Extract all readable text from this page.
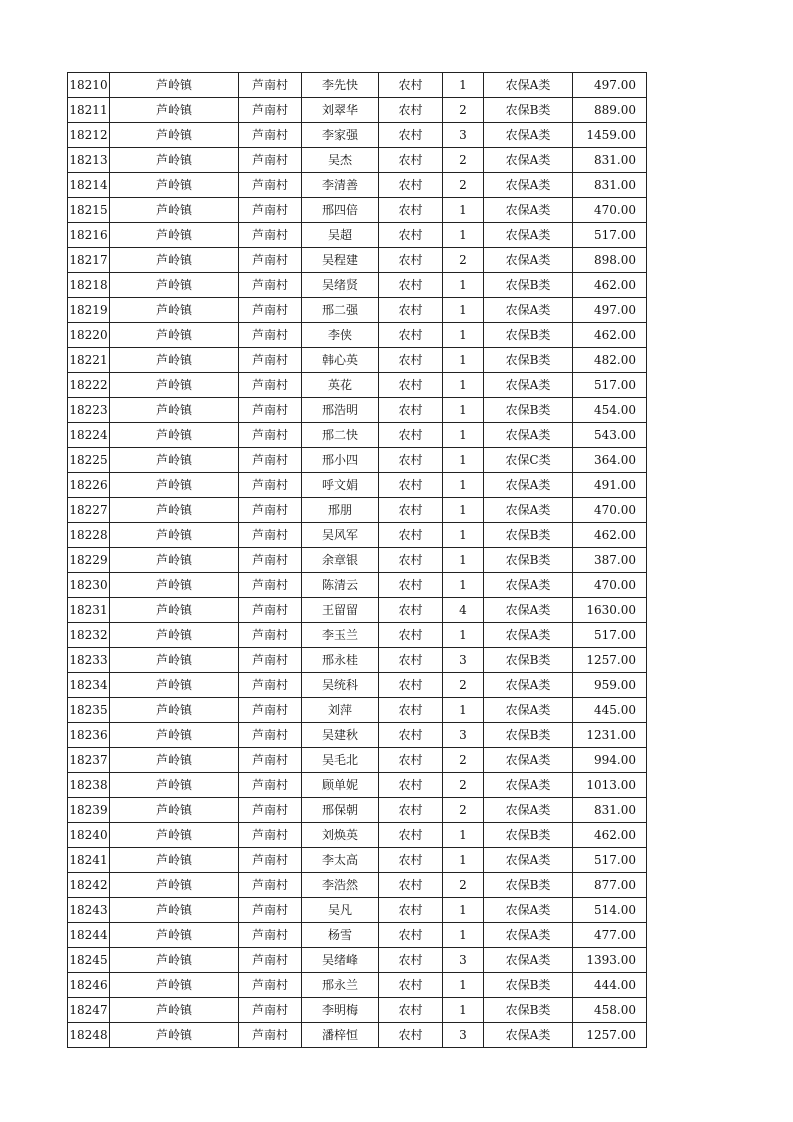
18210	芦岭镇	芦南村	李先快	农村	1	农保A类	497.00
18211	芦岭镇	芦南村	刘翠华	农村	2	农保B类	889.00
18212	芦岭镇	芦南村	李家强	农村	3	农保A类	1459.00
18213	芦岭镇	芦南村	吴杰	农村	2	农保A类	831.00
18214	芦岭镇	芦南村	李清善	农村	2	农保A类	831.00
18215	芦岭镇	芦南村	邢四倍	农村	1	农保A类	470.00
18216	芦岭镇	芦南村	吴超	农村	1	农保A类	517.00
18217	芦岭镇	芦南村	吴程建	农村	2	农保A类	898.00
18218	芦岭镇	芦南村	吴绪贤	农村	1	农保B类	462.00
18219	芦岭镇	芦南村	邢二强	农村	1	农保A类	497.00
18220	芦岭镇	芦南村	李侠	农村	1	农保B类	462.00
18221	芦岭镇	芦南村	韩心英	农村	1	农保B类	482.00
18222	芦岭镇	芦南村	英花	农村	1	农保A类	517.00
18223	芦岭镇	芦南村	邢浩明	农村	1	农保B类	454.00
18224	芦岭镇	芦南村	邢二快	农村	1	农保A类	543.00
18225	芦岭镇	芦南村	邢小四	农村	1	农保C类	364.00
18226	芦岭镇	芦南村	呼文娟	农村	1	农保A类	491.00
18227	芦岭镇	芦南村	邢朋	农村	1	农保A类	470.00
18228	芦岭镇	芦南村	吴风军	农村	1	农保B类	462.00
18229	芦岭镇	芦南村	余章银	农村	1	农保B类	387.00
18230	芦岭镇	芦南村	陈清云	农村	1	农保A类	470.00
18231	芦岭镇	芦南村	王留留	农村	4	农保A类	1630.00
18232	芦岭镇	芦南村	李玉兰	农村	1	农保A类	517.00
18233	芦岭镇	芦南村	邢永桂	农村	3	农保B类	1257.00
18234	芦岭镇	芦南村	吴统科	农村	2	农保A类	959.00
18235	芦岭镇	芦南村	刘萍	农村	1	农保A类	445.00
18236	芦岭镇	芦南村	吴建秋	农村	3	农保B类	1231.00
18237	芦岭镇	芦南村	吴毛北	农村	2	农保A类	994.00
18238	芦岭镇	芦南村	顾单妮	农村	2	农保A类	1013.00
18239	芦岭镇	芦南村	邢保朝	农村	2	农保A类	831.00
18240	芦岭镇	芦南村	刘焕英	农村	1	农保B类	462.00
18241	芦岭镇	芦南村	李太高	农村	1	农保A类	517.00
18242	芦岭镇	芦南村	李浩然	农村	2	农保B类	877.00
18243	芦岭镇	芦南村	吴凡	农村	1	农保A类	514.00
18244	芦岭镇	芦南村	杨雪	农村	1	农保A类	477.00
18245	芦岭镇	芦南村	吴绪峰	农村	3	农保A类	1393.00
18246	芦岭镇	芦南村	邢永兰	农村	1	农保B类	444.00
18247	芦岭镇	芦南村	李明梅	农村	1	农保B类	458.00
18248	芦岭镇	芦南村	潘梓恒	农村	3	农保A类	1257.00
